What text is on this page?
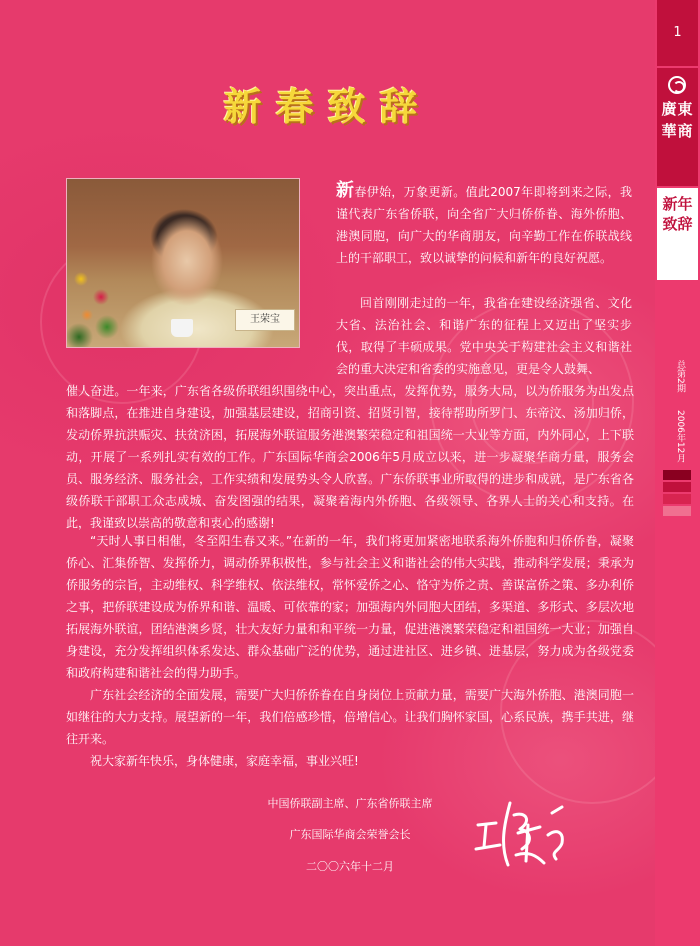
新春致辞
王荣宝
新春伊始，万象更新。值此2007年即将到来之际，我谨代表广东省侨联，向全省广大归侨侨眷、海外侨胞、港澳同胞，向广大的华商朋友，向辛勤工作在侨联战线上的干部职工，致以诚挚的问候和新年的良好祝愿。
回首刚刚走过的一年，我省在建设经济强省、文化大省、法治社会、和谐广东的征程上又迈出了坚实步伐，取得了丰硕成果。党中央关于构建社会主义和谐社会的重大决定和省委的实施意见，更是令人鼓舞、
催人奋进。一年来，广东省各级侨联组织围绕中心，突出重点，发挥优势，服务大局，以为侨服务为出发点和落脚点，在推进自身建设，加强基层建设，招商引资、招贤引智，接待帮助所罗门、东帝汶、汤加归侨，发动侨界抗洪赈灾、扶贫济困，拓展海外联谊服务港澳繁荣稳定和祖国统一大业等方面，内外同心，上下联动，开展了一系列扎实有效的工作。广东国际华商会2006年5月成立以来，进一步凝聚华商力量，服务会员、服务经济、服务社会，工作实绩和发展势头令人欣喜。广东侨联事业所取得的进步和成就，是广东省各级侨联干部职工众志成城、奋发图强的结果，凝聚着海内外侨胞、各级领导、各界人士的关心和支持。在此，我谨致以崇高的敬意和衷心的感谢!
“天时人事日相催，冬至阳生春又来。”在新的一年，我们将更加紧密地联系海外侨胞和归侨侨眷，凝聚侨心、汇集侨智、发挥侨力，调动侨界积极性，参与社会主义和谐社会的伟大实践，推动科学发展；秉承为侨服务的宗旨，主动维权、科学维权、依法维权，常怀爱侨之心、恪守为侨之责、善谋富侨之策、多办利侨之事，把侨联建设成为侨界和谐、温暖、可依靠的家；加强海内外同胞大团结，多渠道、多形式、多层次地拓展海外联谊，团结港澳乡贤，壮大友好力量和和平统一力量，促进港澳繁荣稳定和祖国统一大业；加强自身建设，充分发挥组织体系发达、群众基础广泛的优势，通过进社区、进乡镇、进基层，努力成为各级党委和政府构建和谐社会的得力助手。
广东社会经济的全面发展，需要广大归侨侨眷在自身岗位上贡献力量，需要广大海外侨胞、港澳同胞一如继往的大力支持。展望新的一年，我们倍感珍惜，倍增信心。让我们胸怀家国，心系民族，携手共进，继往开来。
祝大家新年快乐，身体健康，家庭幸福，事业兴旺!
中国侨联副主席、广东省侨联主席
广东国际华商会荣誉会长
二〇〇六年十二月
1
廣東華商
新年致辞
总第2期
2006年12月
